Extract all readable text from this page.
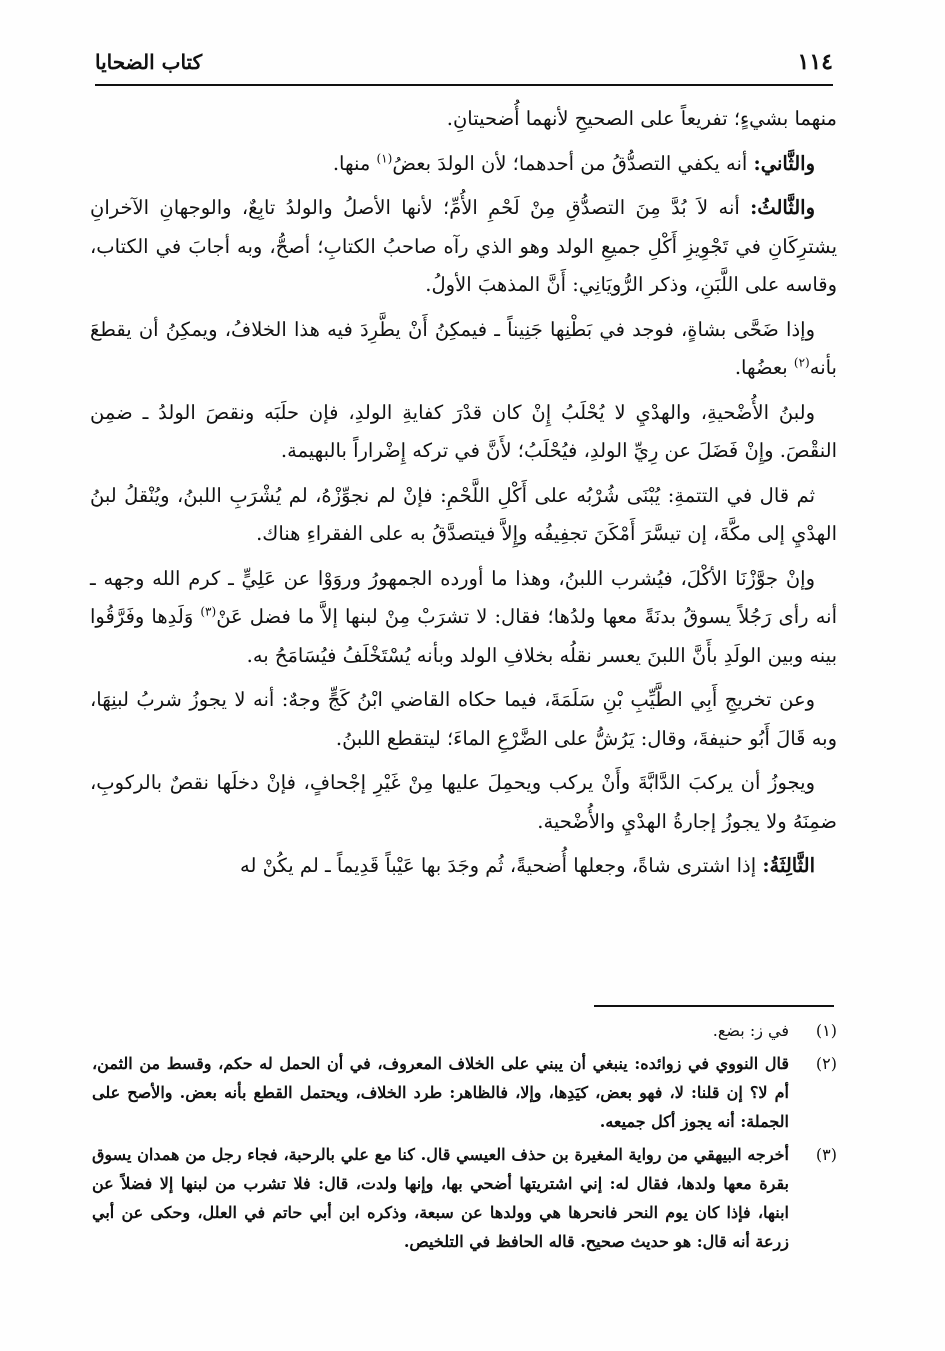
١١٤
كتاب الضحايا

منهما بشيءٍ؛ تفريعاً على الصحيحِ لأنهما أُضحيتانِ.

والثَّاني: أنه يكفي التصدُّقُ من أحدهما؛ لأن الولدَ بعضُ$^{(١)}$ منها.

والثَّالثُ: أنه لاَ بُدَّ مِنَ التصدُّقِ مِنْ لَحْمِ الأُمِّ؛ لأنها الأصلُ والولدُ تابِعٌ، والوجهانِ الآخرانِ يشترِكَانِ في تَجْوِيزِ أَكْلِ جميعِ الولد وهو الذي رآه صاحبُ الكتابِ؛ أصحُّ، وبه أجابَ في الكتاب، وقاسه على اللَّبَنِ، وذكر الرُّويَانِي: أَنَّ المذهبَ الأولُ.

وإذا ضَحَّى بشاةٍ، فوجد في بَطْنِها جَنِيناً ـ فيمكِنُ أَنْ يطَّرِدَ فيه هذا الخلافُ، ويمكِنُ أن يقطعَ بأنه$^{(٢)}$ بعضُها.

ولبنُ الأُضْحيةِ، والهدْيِ لا يُحْلَبُ إِنْ كان قدْرَ كفايةِ الولدِ، فإن حلَبَه ونقصَ الولدُ ـ ضمِن النقْصَ. وإِنْ فَضَلَ عن رِيِّ الولدِ، فيُحْلَبُ؛ لأَنَّ في تركه إِضْراراً بالبهيمة.

ثم قال في التتمةِ: يُبْنَى شُرْبُه على أَكْلِ اللَّحْمِ: فإنْ لم نجوِّزْهُ، لم يُشْرَبِ اللبنُ، ويُنْقلُ لبنُ الهدْيِ إلى مكَّةَ، إن تيسَّرَ أَمْكَنَ تجفِيفُه وإِلاَّ فيتصدَّقُ به على الفقراءِ هناك.

وإنْ جوَّزْنَا الأكْلَ، فيُشرب اللبنُ، وهذا ما أورده الجمهورُ وروَوْا عن عَلِيٍّ ـ كرم الله وجهه ـ أنه رأى رَجُلاً يسوقُ بدنَةً معها ولدُها؛ فقال: لا تشرَبْ مِنْ لبنها إلاَّ ما فضل عَنْ$^{(٣)}$ وَلَدِها وفَرَّقُوا بينه وبين الولَدِ بأَنَّ اللبنَ يعسر نقلُه بخلافِ الولد وبأنه يُسْتَخْلَفُ فيُسَامَحُ به.

وعن تخريجِ أَبِي الطَّيِّبِ بْنِ سَلَمَةَ، فيما حكاه القاضي ابْنُ كَجٍّ وجهٌ: أنه لا يجوزُ شربُ لبنِهَا، وبه قَالَ أَبُو حنيفةَ، وقال: يَرُشُّ على الضَّرْعِ الماءَ؛ ليتقطع اللبنُ.

ويجوزُ أن يركبَ الدَّابَّةَ وأَنْ يركب ويحمِلَ عليها مِنْ غَيْرِ إجْحافٍ، فإنْ دخلَها نقصٌ بالركوبِ، ضمِنَهُ ولا يجوزُ إجارةُ الهدْيِ والأُضْحية.

الثَّالِثَةُ: إذا اشترى شاةً، وجعلها أُضحيةً، ثُم وجَدَ بها عَيْباً قَدِيماً ـ لم يكُنْ له

(١)
في ز: بضع.
(٢)
قال النووي في زوائده: ينبغي أن يبني على الخلاف المعروف، في أن الحمل له حكم، وقسط من الثمن، أم لا؟ إن قلنا: لا، فهو بعض، كيَدِها، وإلا، فالظاهر: طرد الخلاف، ويحتمل القطع بأنه بعض. والأصح على الجملة: أنه يجوز أكل جميعه.
(٣)
أخرجه البيهقي من رواية المغيرة بن حذف العيسي قال. كنا مع علي بالرحبة، فجاء رجل من همدان يسوق بقرة معها ولدها، فقال له: إني اشتريتها أضحي بها، وإنها ولدت، قال: فلا تشرب من لبنها إلا فضلاً عن ابنها، فإذا كان يوم النحر فانحرها هي وولدها عن سبعة، وذكره ابن أبي حاتم في العلل، وحكى عن أبي زرعة أنه قال: هو حديث صحيح. قاله الحافظ في التلخيص.
